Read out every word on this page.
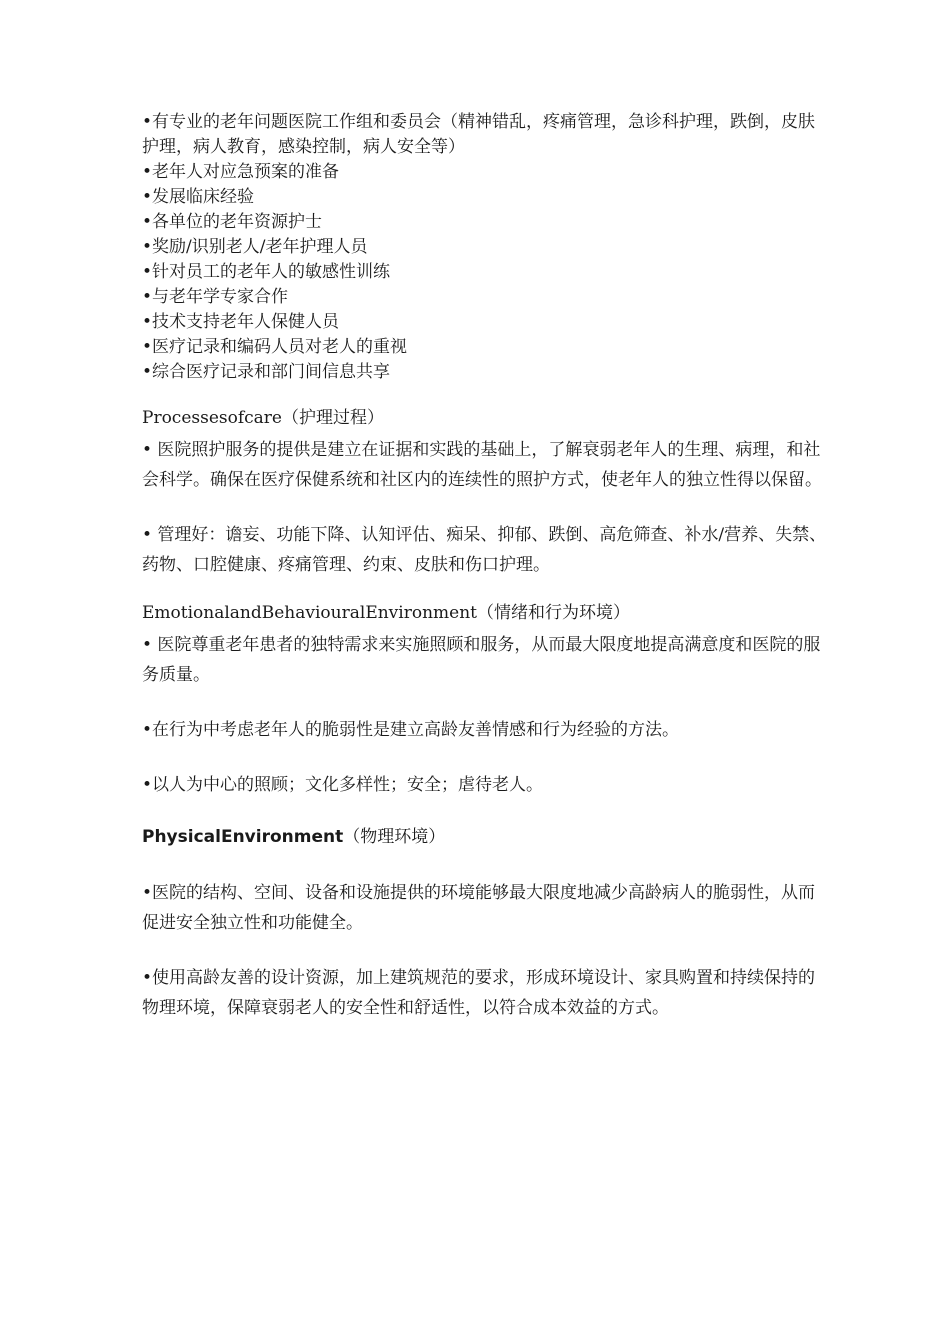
•有专业的老年问题医院工作组和委员会（精神错乱，疼痛管理，急诊科护理，跌倒，皮肤护理，病人教育，感染控制，病人安全等）
•老年人对应急预案的准备
•发展临床经验
•各单位的老年资源护士
•奖励/识别老人/老年护理人员
•针对员工的老年人的敏感性训练
•与老年学专家合作
•技术支持老年人保健人员
•医疗记录和编码人员对老人的重视
•综合医疗记录和部门间信息共享
Processesofcare（护理过程）

• 医院照护服务的提供是建立在证据和实践的基础上，了解衰弱老年人的生理、病理，和社会科学。确保在医疗保健系统和社区内的连续性的照护方式，使老年人的独立性得以保留。

• 管理好：谵妄、功能下降、认知评估、痴呆、抑郁、跌倒、高危筛查、补水/营养、失禁、药物、口腔健康、疼痛管理、约束、皮肤和伤口护理。

EmotionalandBehaviouralEnvironment（情绪和行为环境）

• 医院尊重老年患者的独特需求来实施照顾和服务，从而最大限度地提高满意度和医院的服务质量。

•在行为中考虑老年人的脆弱性是建立高龄友善情感和行为经验的方法。

•以人为中心的照顾；文化多样性；安全；虐待老人。

PhysicalEnvironment（物理环境）

•医院的结构、空间、设备和设施提供的环境能够最大限度地减少高龄病人的脆弱性，从而促进安全独立性和功能健全。

•使用高龄友善的设计资源，加上建筑规范的要求，形成环境设计、家具购置和持续保持的物理环境，保障衰弱老人的安全性和舒适性，以符合成本效益的方式。
